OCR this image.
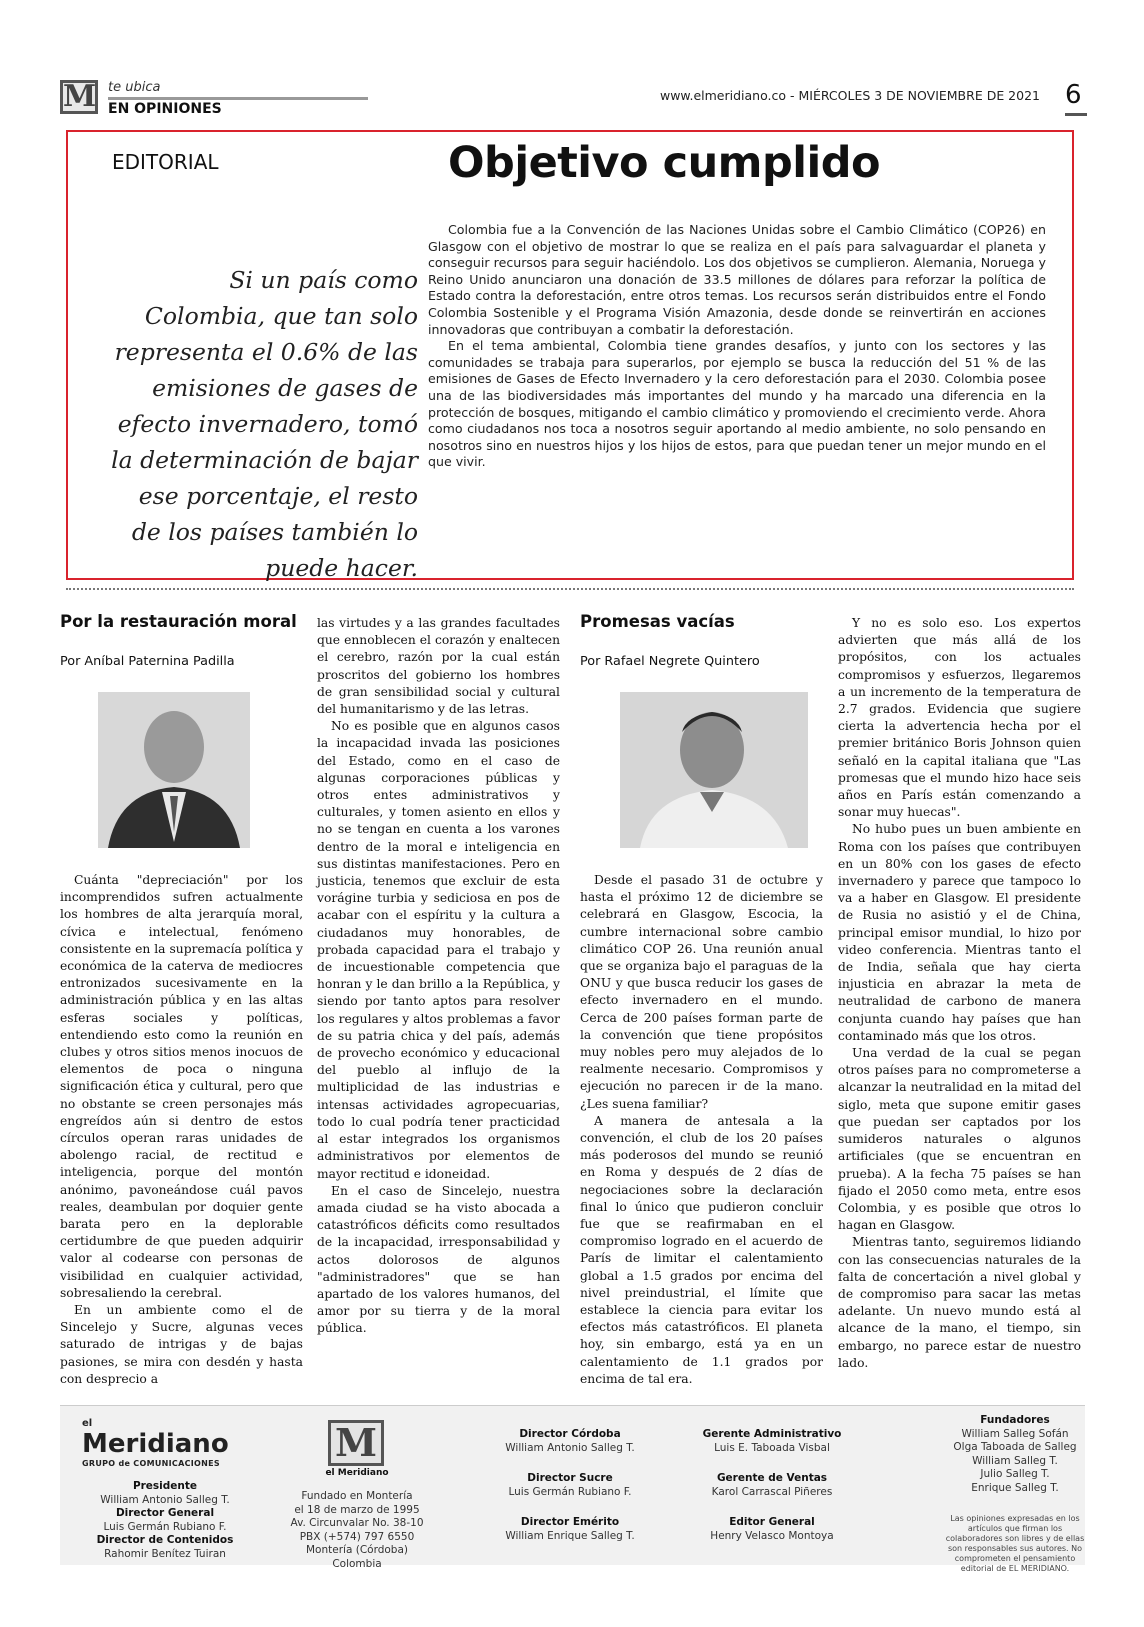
M te ubica
EN OPINIONES
www.elmeridiano.co - MIÉRCOLES 3 DE NOVIEMBRE DE 2021 6
EDITORIAL	Objetivo cumplido
Si un país como Colombia, que tan solo representa el 0.6% de las emisiones de gases de efecto invernadero, tomó la determinación de bajar ese porcentaje, el resto de los países también lo puede hacer.

Colombia fue a la Convención de las Naciones Unidas sobre el Cambio Climático (COP26) en Glasgow con el objetivo de mostrar lo que se realiza en el país para salvaguardar el planeta y conseguir recursos para seguir haciéndolo. Los dos objetivos se cumplieron. Alemania, Noruega y Reino Unido anunciaron una donación de 33.5 millones de dólares para reforzar la política de Estado contra la deforestación, entre otros temas. Los recursos serán distribuidos entre el Fondo Colombia Sostenible y el Programa Visión Amazonia, desde donde se reinvertirán en acciones innovadoras que contribuyan a combatir la deforestación.

En el tema ambiental, Colombia tiene grandes desafíos, y junto con los sectores y las comunidades se trabaja para superarlos, por ejemplo se busca la reducción del 51 % de las emisiones de Gases de Efecto Invernadero y la cero deforestación para el 2030. Colombia posee una de las biodiversidades más importantes del mundo y ha marcado una diferencia en la protección de bosques, mitigando el cambio climático y promoviendo el crecimiento verde. Ahora como ciudadanos nos toca a nosotros seguir aportando al medio ambiente, no solo pensando en nosotros sino en nuestros hijos y los hijos de estos, para que puedan tener un mejor mundo en el que vivir.

Por la restauración moral
Por Aníbal Paternina Padilla

Cuánta "depreciación" por los incomprendidos sufren actualmente los hombres de alta jerarquía moral, cívica e intelectual, fenómeno consistente en la supremacía política y económica de la caterva de mediocres entronizados sucesivamente en la administración pública y en las altas esferas sociales y políticas, entendiendo esto como la reunión en clubes y otros sitios menos inocuos de elementos de poca o ninguna significación ética y cultural, pero que no obstante se creen personajes más engreídos aún si dentro de estos círculos operan raras unidades de abolengo racial, de rectitud e inteligencia, porque del montón anónimo, pavoneándose cuál pavos reales, deambulan por doquier gente barata pero en la deplorable certidumbre de que pueden adquirir valor al codearse con personas de visibilidad en cualquier actividad, sobresaliendo la cerebral.

En un ambiente como el de Sincelejo y Sucre, algunas veces saturado de intrigas y de bajas pasiones, se mira con desdén y hasta con desprecio a

las virtudes y a las grandes facultades que ennoblecen el corazón y enaltecen el cerebro, razón por la cual están proscritos del gobierno los hombres de gran sensibilidad social y cultural del humanitarismo y de las letras.

No es posible que en algunos casos la incapacidad invada las posiciones del Estado, como en el caso de algunas corporaciones públicas y otros entes administrativos y culturales, y tomen asiento en ellos y no se tengan en cuenta a los varones dentro de la moral e inteligencia en sus distintas manifestaciones. Pero en justicia, tenemos que excluir de esta vorágine turbia y sediciosa en pos de acabar con el espíritu y la cultura a ciudadanos muy honorables, de probada capacidad para el trabajo y de incuestionable competencia que honran y le dan brillo a la República, y siendo por tanto aptos para resolver los regulares y altos problemas a favor de su patria chica y del país, además de provecho económico y educacional del pueblo al influjo de la multiplicidad de las industrias e intensas actividades agropecuarias, todo lo cual podría tener practicidad al estar integrados los organismos administrativos por elementos de mayor rectitud e idoneidad.

En el caso de Sincelejo, nuestra amada ciudad se ha visto abocada a catastróficos déficits como resultados de la incapacidad, irresponsabilidad y actos dolorosos de algunos "administradores" que se han apartado de los valores humanos, del amor por su tierra y de la moral pública.

Promesas vacías
Por Rafael Negrete Quintero

Desde el pasado 31 de octubre y hasta el próximo 12 de diciembre se celebrará en Glasgow, Escocia, la cumbre internacional sobre cambio climático COP 26. Una reunión anual que se organiza bajo el paraguas de la ONU y que busca reducir los gases de efecto invernadero en el mundo. Cerca de 200 países forman parte de la convención que tiene propósitos muy nobles pero muy alejados de lo realmente necesario. Compromisos y ejecución no parecen ir de la mano. ¿Les suena familiar?

A manera de antesala a la convención, el club de los 20 países más poderosos del mundo se reunió en Roma y después de 2 días de negociaciones sobre la declaración final lo único que pudieron concluir fue que se reafirmaban en el compromiso logrado en el acuerdo de París de limitar el calentamiento global a 1.5 grados por encima del nivel preindustrial, el límite que establece la ciencia para evitar los efectos más catastróficos. El planeta hoy, sin embargo, está ya en un calentamiento de 1.1 grados por encima de tal era.

Y no es solo eso. Los expertos advierten que más allá de los propósitos, con los actuales compromisos y esfuerzos, llegaremos a un incremento de la temperatura de 2.7 grados. Evidencia que sugiere cierta la advertencia hecha por el premier británico Boris Johnson quien señaló en la capital italiana que "Las promesas que el mundo hizo hace seis años en París están comenzando a sonar muy huecas".

No hubo pues un buen ambiente en Roma con los países que contribuyen en un 80% con los gases de efecto invernadero y parece que tampoco lo va a haber en Glasgow. El presidente de Rusia no asistió y el de China, principal emisor mundial, lo hizo por video conferencia. Mientras tanto el de India, señala que hay cierta injusticia en abrazar la meta de neutralidad de carbono de manera conjunta cuando hay países que han contaminado más que los otros.

Una verdad de la cual se pegan otros países para no comprometerse a alcanzar la neutralidad en la mitad del siglo, meta que supone emitir gases que puedan ser captados por los sumideros naturales o algunos artificiales (que se encuentran en prueba). A la fecha 75 países se han fijado el 2050 como meta, entre esos Colombia, y es posible que otros lo hagan en Glasgow.

Mientras tanto, seguiremos lidiando con las consecuencias naturales de la falta de concertación a nivel global y de compromiso para sacar las metas adelante. Un nuevo mundo está al alcance de la mano, el tiempo, sin embargo, no parece estar de nuestro lado.

el
Meridiano
GRUPO de COMUNICACIONES
Presidente
William Antonio Salleg T.
Director General
Luis Germán Rubiano F.
Director de Contenidos
Rahomir Benítez Tuiran
M
el Meridiano
Fundado en Montería
el 18 de marzo de 1995
Av. Circunvalar No. 38-10
PBX (+574) 797 6550
Montería (Córdoba) Colombia
Director Córdoba
William Antonio Salleg T.
Director Sucre
Luis Germán Rubiano F.
Director Emérito
William Enrique Salleg T.
Gerente Administrativo
Luis E. Taboada Visbal
Gerente de Ventas
Karol Carrascal Piñeres
Editor General
Henry Velasco Montoya
Fundadores
William Salleg Sofán
Olga Taboada de Salleg
William Salleg T.
Julio Salleg T.
Enrique Salleg T.
Las opiniones expresadas en los artículos que firman los colaboradores son libres y de ellas son responsables sus autores. No comprometen el pensamiento editorial de EL MERIDIANO.
